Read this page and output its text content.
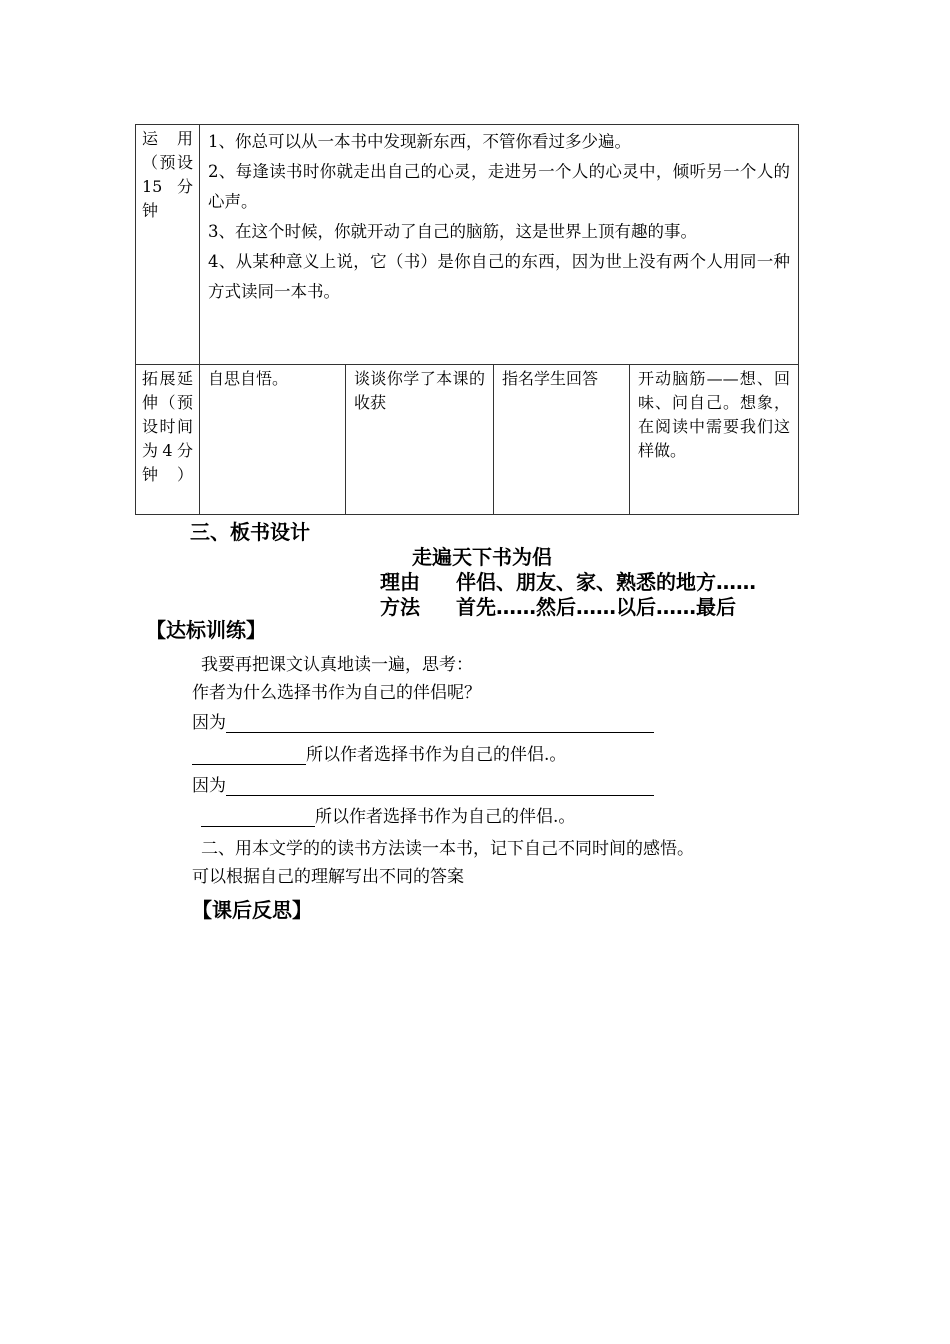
运用（预设15分钟	1、你总可以从一本书中发现新东西，不管你看过多少遍。

2、每逢读书时你就走出自己的心灵，走进另一个人的心灵中，倾听另一个人的心声。

3、在这个时候，你就开动了自己的脑筋，这是世界上顶有趣的事。

4、从某种意义上说，它（书）是你自己的东西，因为世上没有两个人用同一种方式读同一本书。			

拓展延伸（预设时间为4分钟）	自思自悟。	谈谈你学了本课的收获	指名学生回答	开动脑筋——想、回味、问自己。想象，在阅读中需要我们这样做。
三、板书设计
走遍天下书为侣
理由 伴侣、朋友、家、熟悉的地方……
方法 首先……然后……以后……最后
【达标训练】
我要再把课文认真地读一遍，思考：
作者为什么选择书作为自己的伴侣呢？
因为
所以作者选择书作为自己的伴侣.。
因为
所以作者选择书作为自己的伴侣.。
二、用本文学的的读书方法读一本书，记下自己不同时间的感悟。
可以根据自己的理解写出不同的答案
【课后反思】
